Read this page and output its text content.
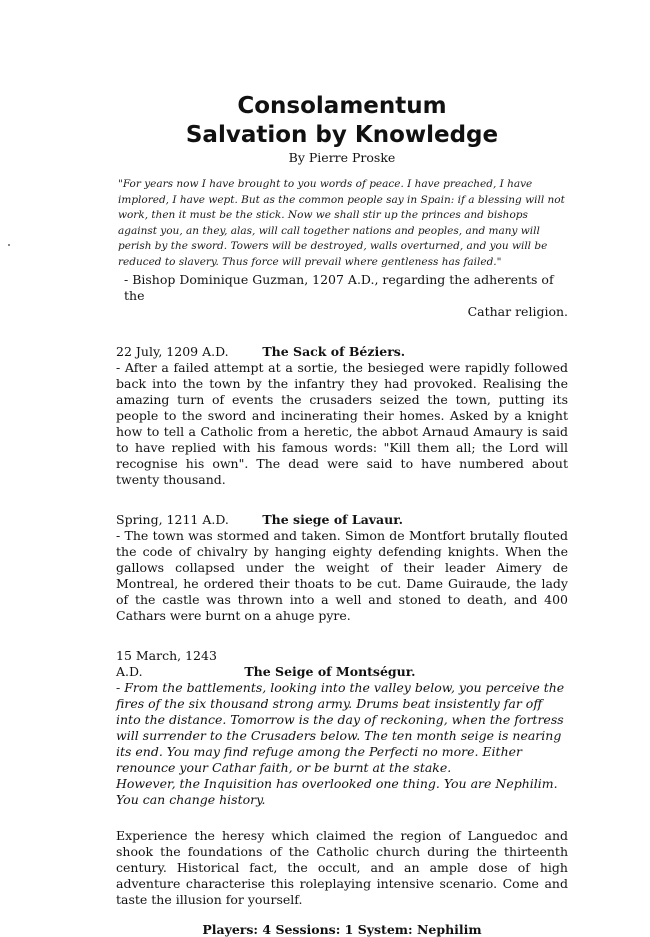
Consolamentum
Salvation by Knowledge
By Pierre Proske

"For years now I have brought to you words of peace. I have preached, I have implored, I have wept. But as the common people say in Spain: if a blessing will not work, then it must be the stick. Now we shall stir up the princes and bishops against you, an they, alas, will call together nations and peoples, and many will perish by the sword. Towers will be destroyed, walls overturned, and you will be reduced to slavery. Thus force will prevail where gentleness has failed."

- Bishop Dominique Guzman, 1207 A.D., regarding the adherents of the
Cathar religion.
22 July, 1209 A.D.	The Sack of Béziers.
- After a failed attempt at a sortie, the besieged were rapidly followed back into the town by the infantry they had provoked. Realising the amazing turn of events the crusaders seized the town, putting its people to the sword and incinerating their homes. Asked by a knight how to tell a Catholic from a heretic, the abbot Arnaud Amaury is said to have replied with his famous words: "Kill them all; the Lord will recognise his own". The dead were said to have numbered about twenty thousand.
Spring, 1211 A.D.	The siege of Lavaur.
- The town was stormed and taken. Simon de Montfort brutally flouted the code of chivalry by hanging eighty defending knights. When the gallows collapsed under the weight of their leader Aimery de Montreal, he ordered their thoats to be cut. Dame Guiraude, the lady of the castle was thrown into a well and stoned to death, and 400 Cathars were burnt on a ahuge pyre.
15 March, 1243 A.D.	The Seige of Montségur.
- From the battlements, looking into the valley below, you perceive the fires of the six thousand strong army. Drums beat insistently far off into the distance. Tomorrow is the day of reckoning, when the fortress will surrender to the Crusaders below. The ten month seige is nearing its end. You may find refuge among the Perfecti no more. Either renounce your Cathar faith, or be burnt at the stake.
However, the Inquisition has overlooked one thing. You are Nephilim. You can change history.
Experience the heresy which claimed the region of Languedoc and shook the foundations of the Catholic church during the thirteenth century. Historical fact, the occult, and an ample dose of high adventure characterise this roleplaying intensive scenario. Come and taste the illusion for yourself.
Players: 4 Sessions: 1 System: Nephilim
